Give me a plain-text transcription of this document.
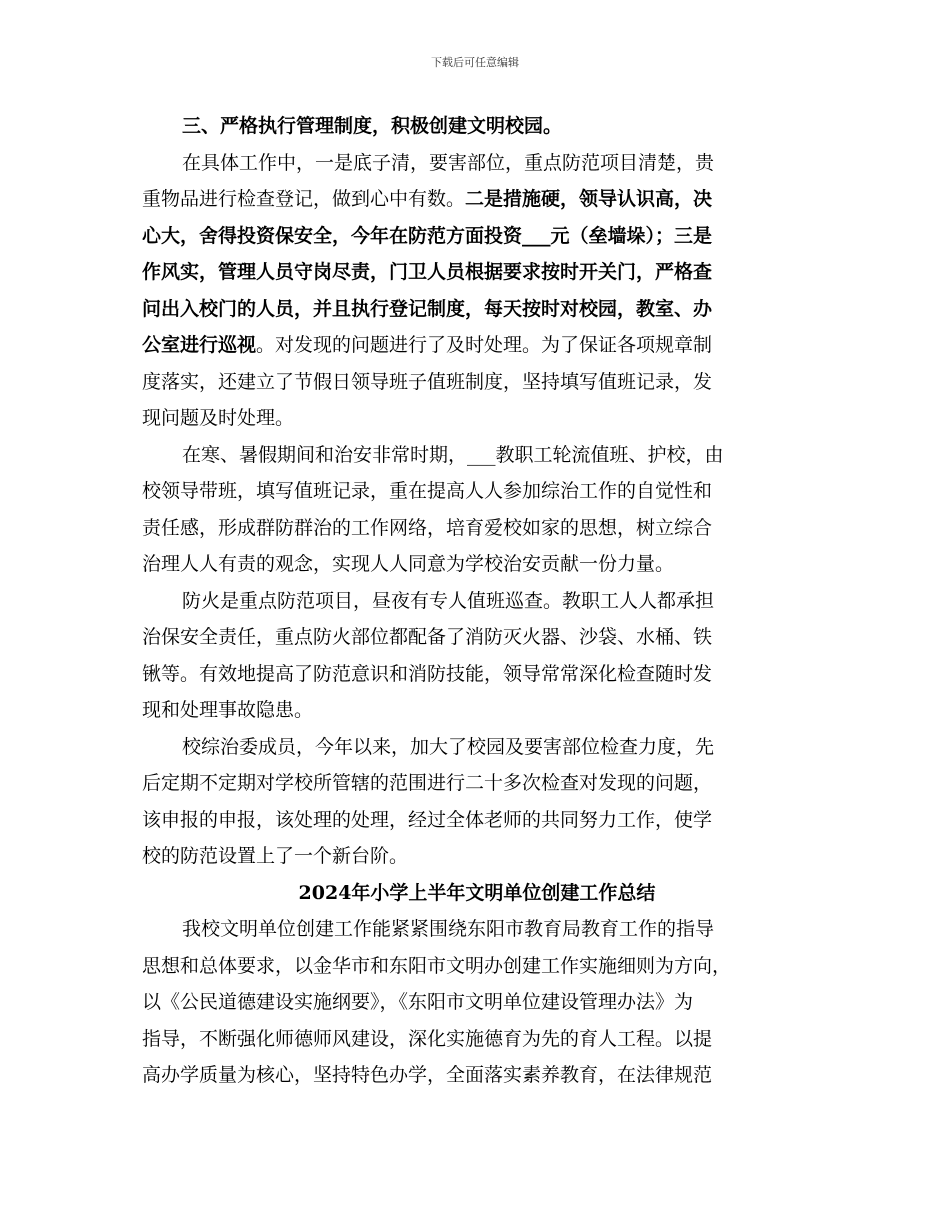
下载后可任意编辑
三、严格执行管理制度，积极创建文明校园。
在具体工作中，一是底子清，要害部位，重点防范项目清楚，贵
重物品进行检查登记，做到心中有数。二是措施硬，领导认识高，决
心大，舍得投资保安全，今年在防范方面投资___元（垒墙垛）；三是
作风实，管理人员守岗尽责，门卫人员根据要求按时开关门，严格查
问出入校门的人员，并且执行登记制度，每天按时对校园，教室、办
公室进行巡视。对发现的问题进行了及时处理。为了保证各项规章制
度落实，还建立了节假日领导班子值班制度，坚持填写值班记录，发
现问题及时处理。
在寒、暑假期间和治安非常时期，___教职工轮流值班、护校，由
校领导带班，填写值班记录，重在提高人人参加综治工作的自觉性和
责任感，形成群防群治的工作网络，培育爱校如家的思想，树立综合
治理人人有责的观念，实现人人同意为学校治安贡献一份力量。
防火是重点防范项目，昼夜有专人值班巡查。教职工人人都承担
治保安全责任，重点防火部位都配备了消防灭火器、沙袋、水桶、铁
锹等。有效地提高了防范意识和消防技能，领导常常深化检查随时发
现和处理事故隐患。
校综治委成员，今年以来，加大了校园及要害部位检查力度，先
后定期不定期对学校所管辖的范围进行二十多次检查对发现的问题，
该申报的申报，该处理的处理，经过全体老师的共同努力工作，使学
校的防范设置上了一个新台阶。
2024年小学上半年文明单位创建工作总结
我校文明单位创建工作能紧紧围绕东阳市教育局教育工作的指导
思想和总体要求，以金华市和东阳市文明办创建工作实施细则为方向，
以《公民道德建设实施纲要》，《东阳市文明单位建设管理办法》为
指导，不断强化师德师风建设，深化实施德育为先的育人工程。以提
高办学质量为核心，坚持特色办学，全面落实素养教育，在法律规范
